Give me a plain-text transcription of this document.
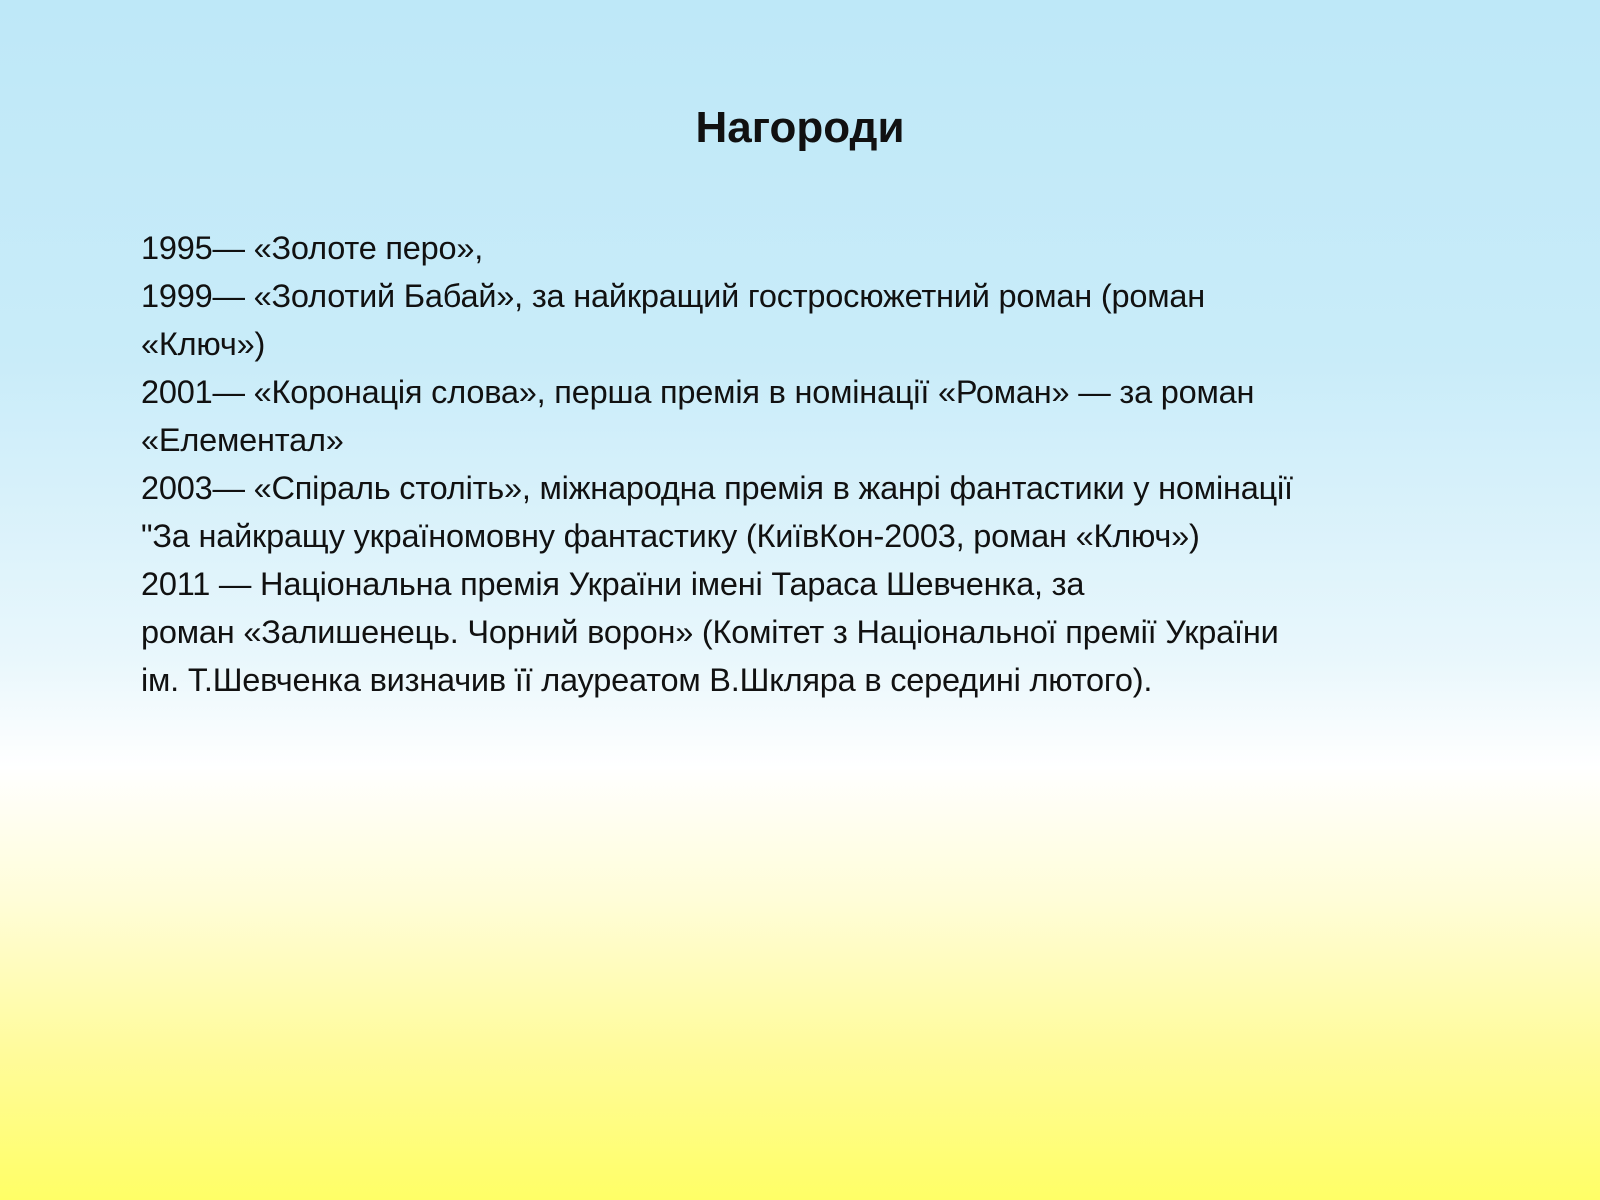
Нагороди
1995— «Золоте перо»,
1999— «Золотий Бабай», за найкращий гостросюжетний роман (роман
«Ключ»)
2001— «Коронація слова», перша премія в номінації «Роман» — за роман
«Елементал»
2003— «Спіраль століть», міжнародна премія в жанрі фантастики у номінації
"За найкращу україномовну фантастику (КиївКон-2003, роман «Ключ»)
2011 — Національна премія України імені Тараса Шевченка, за
роман «Залишенець. Чорний ворон» (Комітет з Національної премії України
ім. Т.Шевченка визначив її лауреатом В.Шкляра в середині лютого).
